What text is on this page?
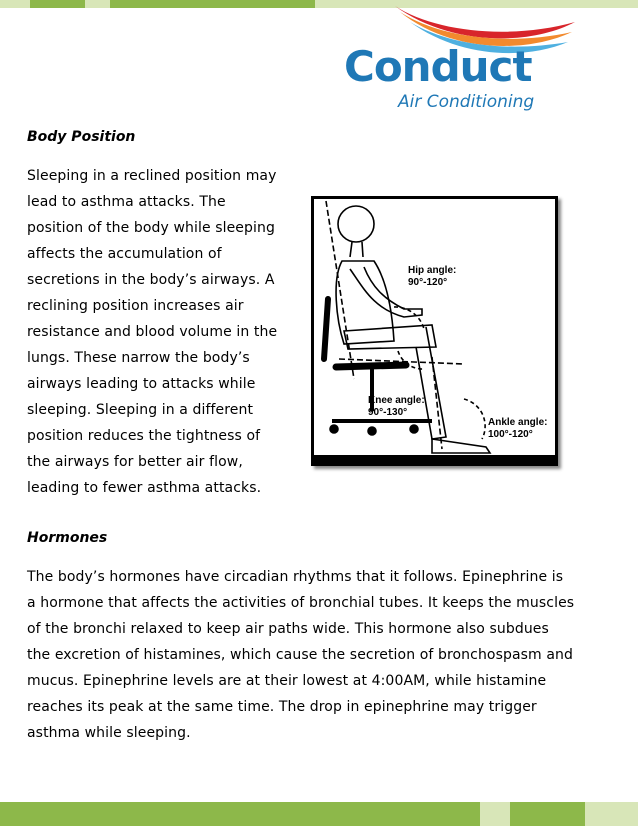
Conduct
Air Conditioning
Body Position
Sleeping in a reclined position may
lead to asthma attacks. The
position of the body while sleeping
affects the accumulation of
secretions in the body’s airways. A
reclining position increases air
resistance and blood volume in the
lungs. These narrow the body’s
airways leading to attacks while
sleeping. Sleeping in a different
position reduces the tightness of
the airways for better air flow,
leading to fewer asthma attacks.
Hip angle:
90°-120°
Knee angle:
90°-130°
Ankle angle:
100°-120°
Hormones
The body’s hormones have circadian rhythms that it follows. Epinephrine is
a hormone that affects the activities of bronchial tubes. It keeps the muscles
of the bronchi relaxed to keep air paths wide. This hormone also subdues
the excretion of histamines, which cause the secretion of bronchospasm and
mucus. Epinephrine levels are at their lowest at 4:00AM, while histamine
reaches its peak at the same time. The drop in epinephrine may trigger
asthma while sleeping.
